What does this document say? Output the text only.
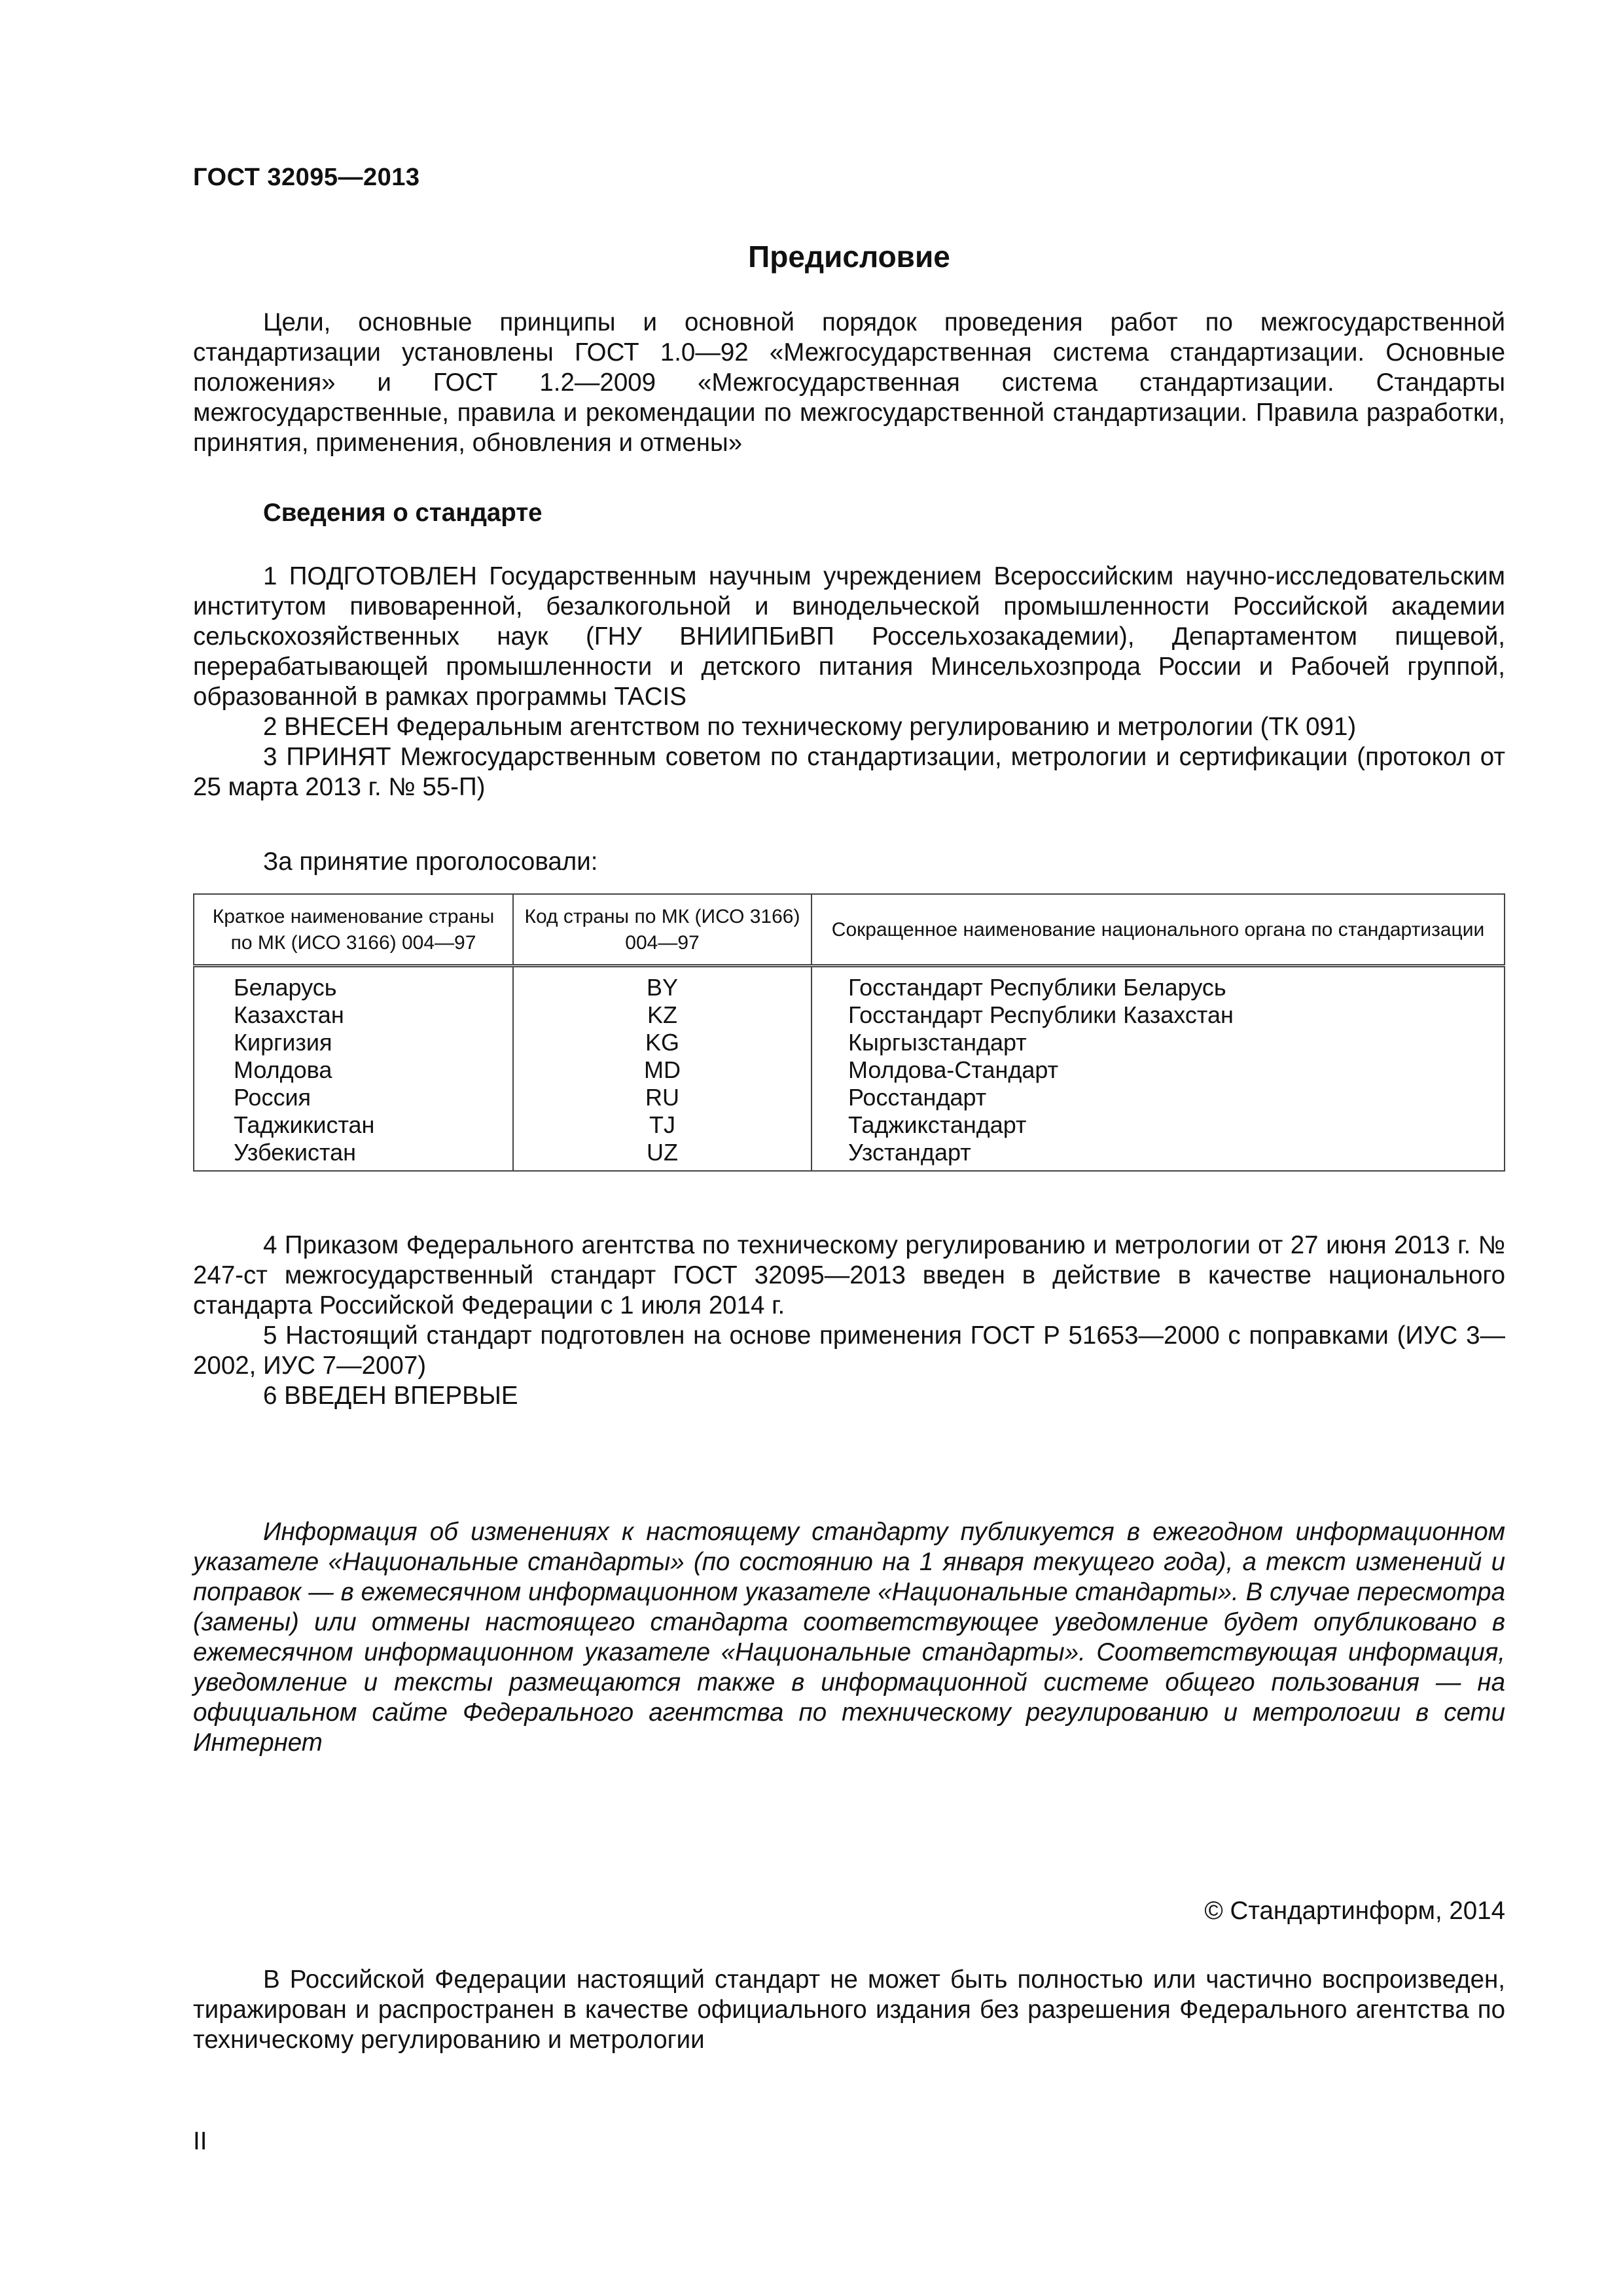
ГОСТ 32095—2013
Предисловие

Цели, основные принципы и основной порядок проведения работ по межгосударственной стандартизации установлены ГОСТ 1.0—92 «Межгосударственная система стандартизации. Основные положения» и ГОСТ 1.2—2009 «Межгосударственная система стандартизации. Стандарты межгосударственные, правила и рекомендации по межгосударственной стандартизации. Правила разработки, принятия, применения, обновления и отмены»

Сведения о стандарте

1 ПОДГОТОВЛЕН Государственным научным учреждением Всероссийским научно-исследовательским институтом пивоваренной, безалкогольной и винодельческой промышленности Российской академии сельскохозяйственных наук (ГНУ ВНИИПБиВП Россельхозакадемии), Департаментом пищевой, перерабатывающей промышленности и детского питания Минсельхозпрода России и Рабочей группой, образованной в рамках программы TACIS

2 ВНЕСЕН Федеральным агентством по техническому регулированию и метрологии (ТК 091)

3 ПРИНЯТ Межгосударственным советом по стандартизации, метрологии и сертификации (протокол от 25 марта 2013 г. № 55-П)

За принятие проголосовали:
Краткое наименование страны по МК (ИСО 3166) 004—97	Код страны по МК (ИСО 3166) 004—97	Сокращенное наименование национального органа по стандартизации
Беларусь	BY	Госстандарт Республики Беларусь
Казахстан	KZ	Госстандарт Республики Казахстан
Киргизия	KG	Кыргызстандарт
Молдова	MD	Молдова-Стандарт
Россия	RU	Росстандарт
Таджикистан	TJ	Таджикстандарт
Узбекистан	UZ	Узстандарт

4 Приказом Федерального агентства по техническому регулированию и метрологии от 27 июня 2013 г. № 247-ст межгосударственный стандарт ГОСТ 32095—2013 введен в действие в качестве национального стандарта Российской Федерации с 1 июля 2014 г.

5 Настоящий стандарт подготовлен на основе применения ГОСТ Р 51653—2000 с поправками (ИУС 3—2002, ИУС 7—2007)

6 ВВЕДЕН ВПЕРВЫЕ

Информация об изменениях к настоящему стандарту публикуется в ежегодном информационном указателе «Национальные стандарты» (по состоянию на 1 января текущего года), а текст изменений и поправок — в ежемесячном информационном указателе «Национальные стандарты». В случае пересмотра (замены) или отмены настоящего стандарта соответствующее уведомление будет опубликовано в ежемесячном информационном указателе «Национальные стандарты». Соответствующая информация, уведомление и тексты размещаются также в информационной системе общего пользования — на официальном сайте Федерального агентства по техническому регулированию и метрологии в сети Интернет

© Стандартинформ, 2014

В Российской Федерации настоящий стандарт не может быть полностью или частично воспроизведен, тиражирован и распространен в качестве официального издания без разрешения Федерального агентства по техническому регулированию и метрологии

II
